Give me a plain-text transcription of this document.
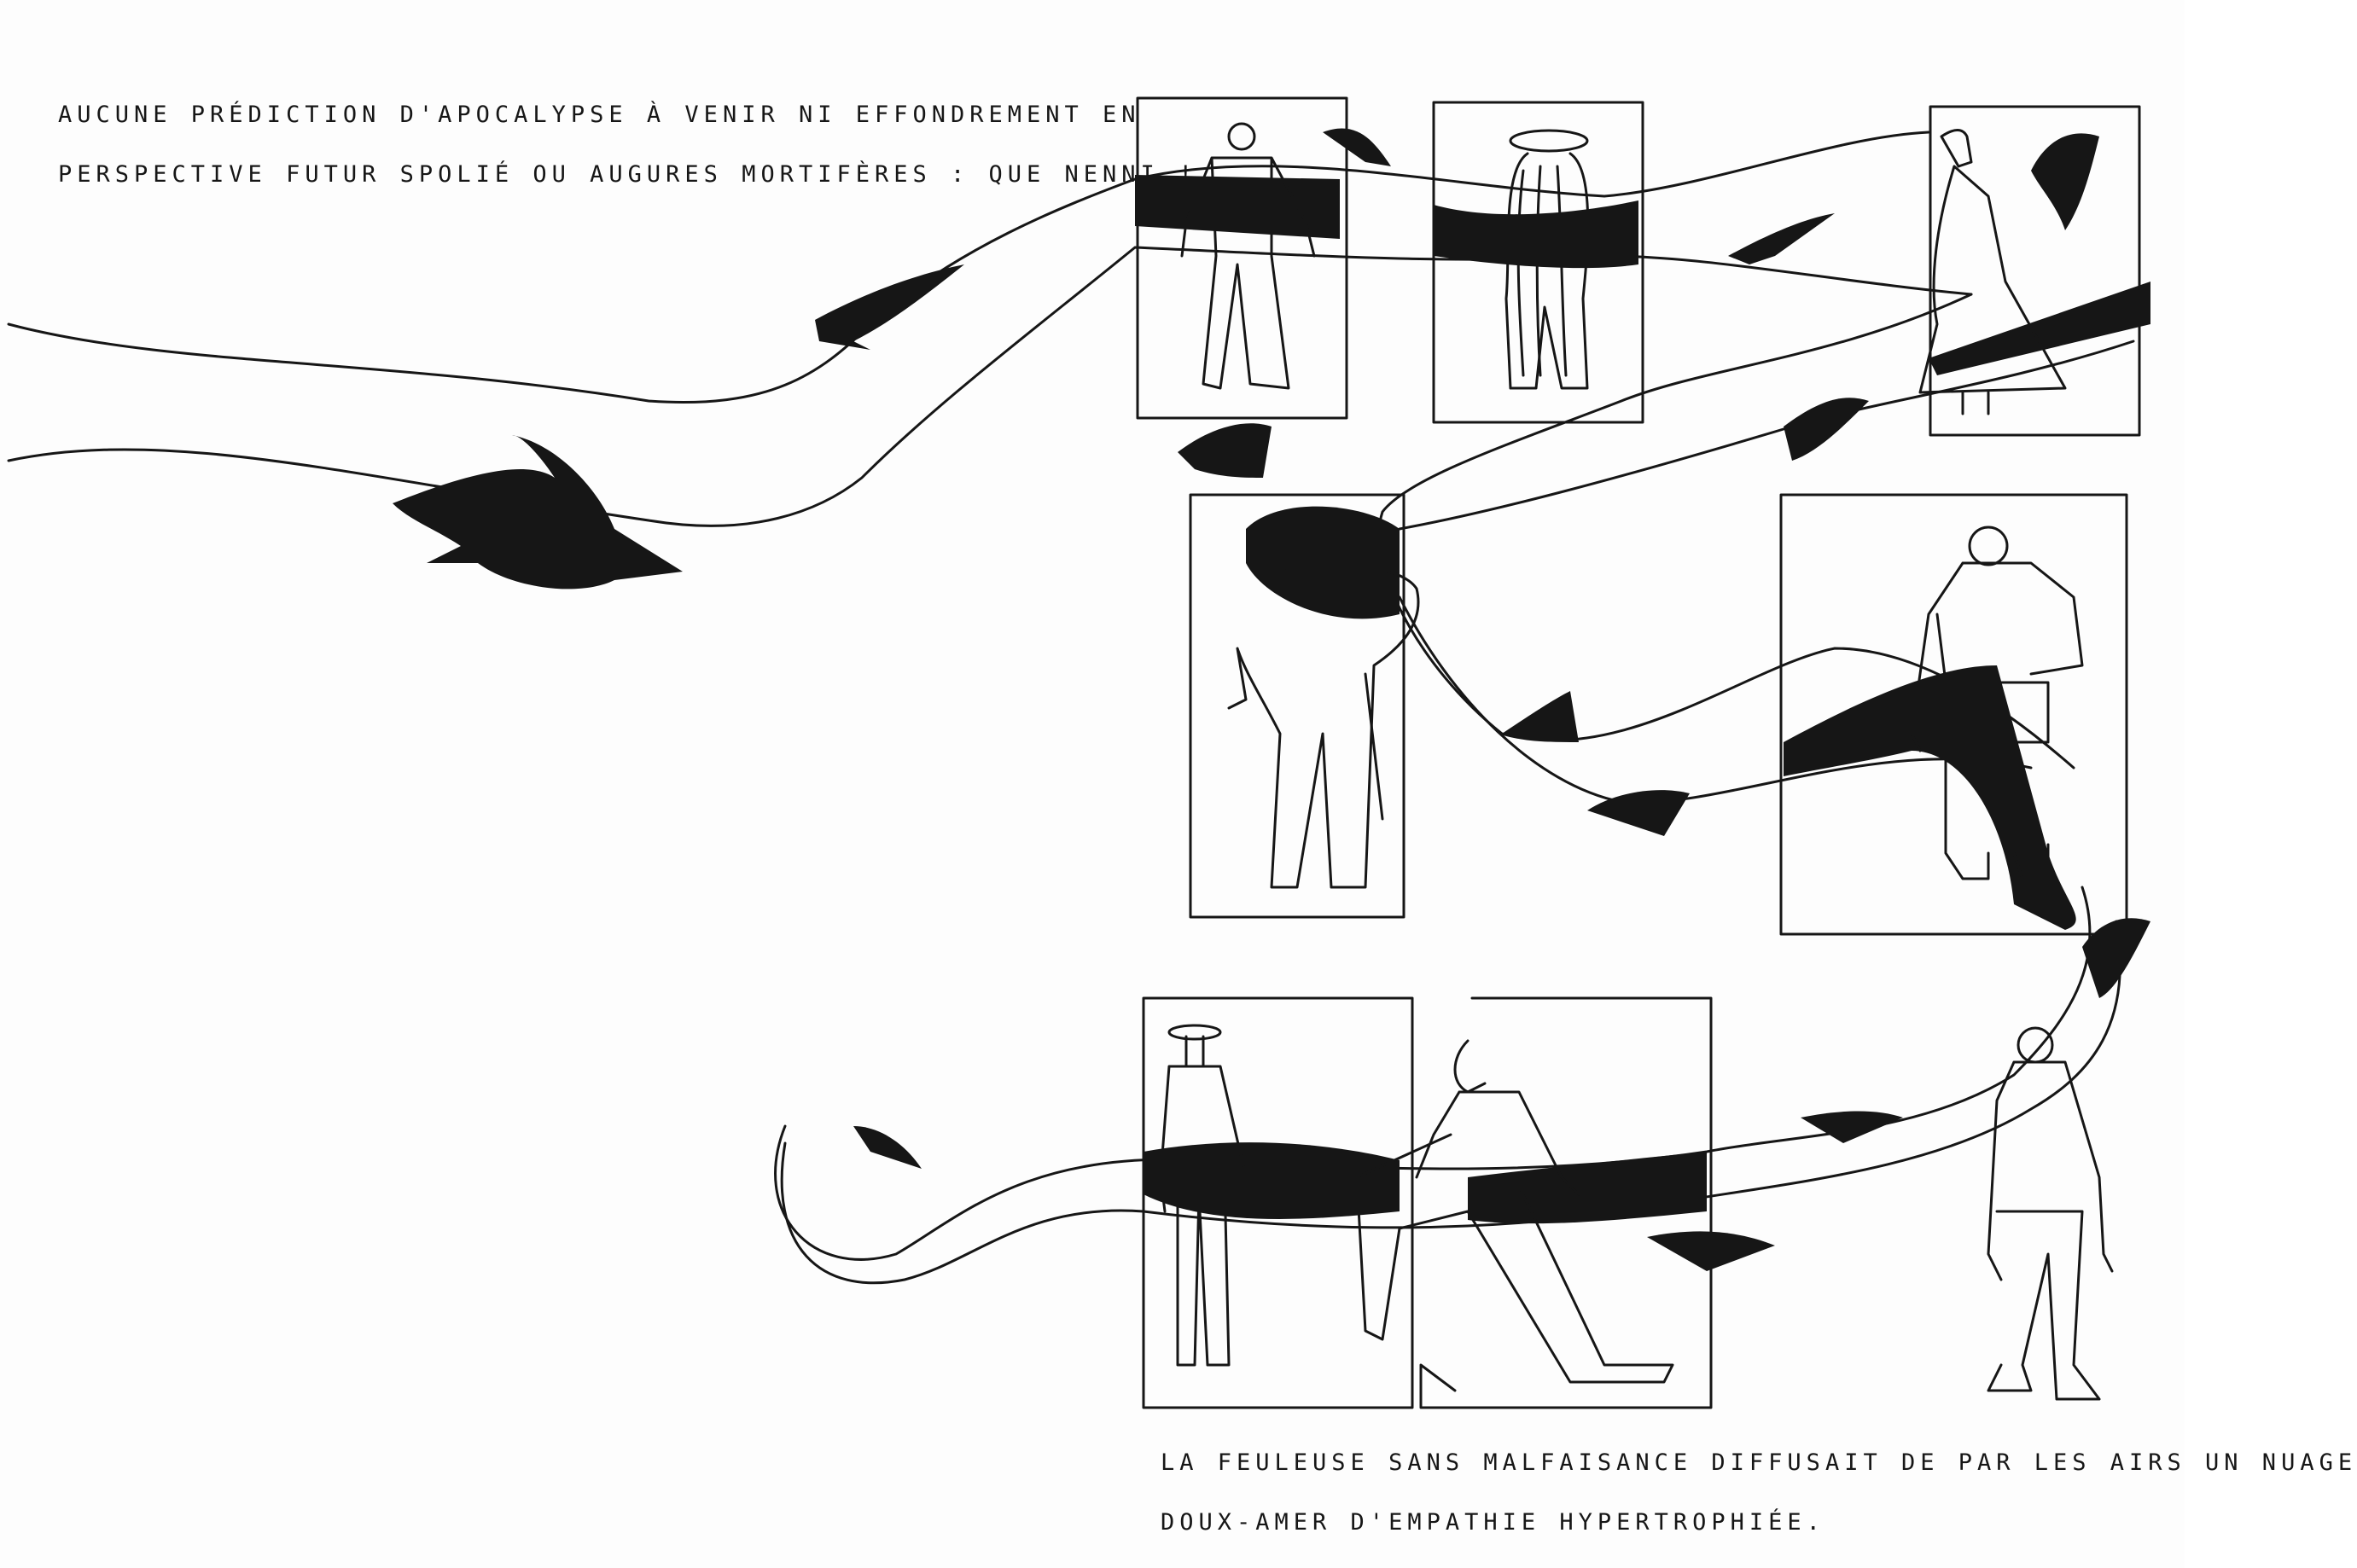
AUCUNE PRÉDICTION D'APOCALYPSE À VENIR NI EFFONDREMENT EN
PERSPECTIVE FUTUR SPOLIÉ OU AUGURES MORTIFÈRES : QUE NENNI !
LA FEULEUSE SANS MALFAISANCE DIFFUSAIT DE PAR LES AIRS UN NUAGE
DOUX-AMER D'EMPATHIE HYPERTROPHIÉE.
